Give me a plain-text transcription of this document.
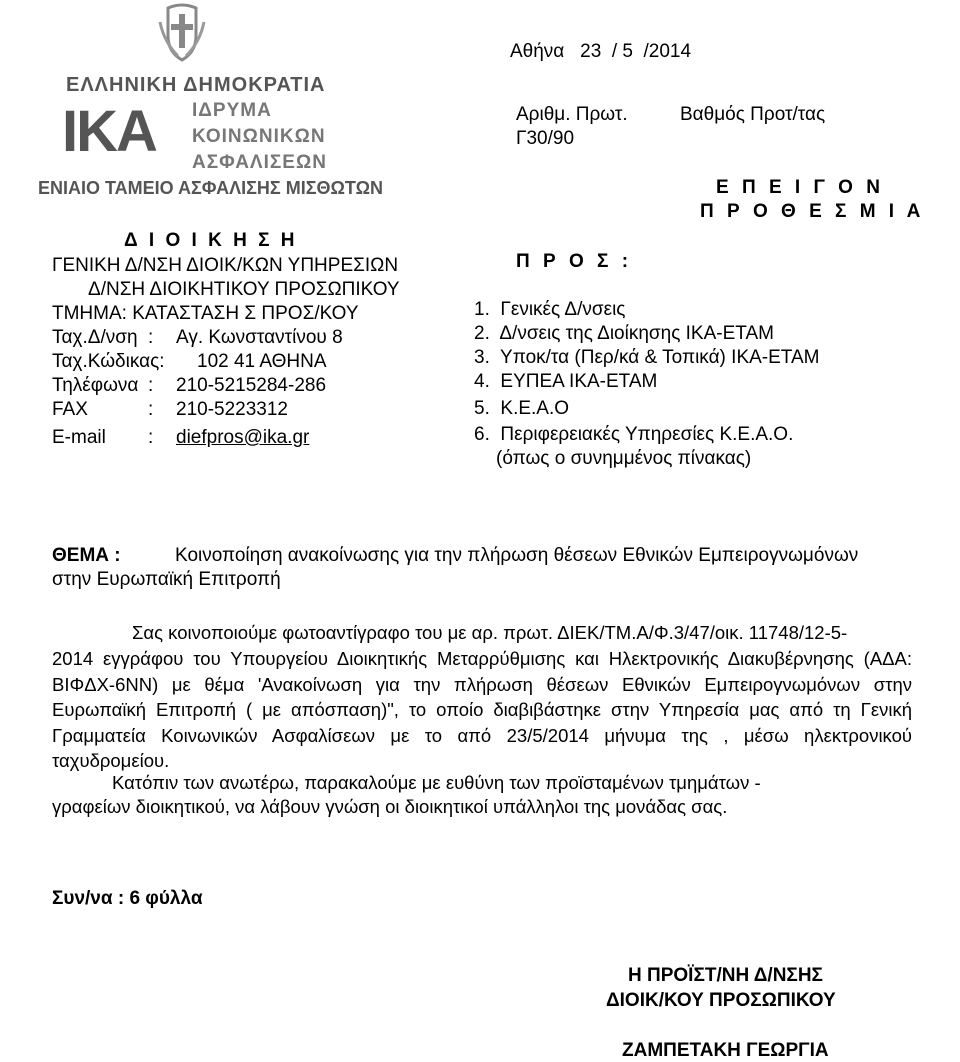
ΕΛΛΗΝΙΚΗ ΔΗΜΟΚΡΑΤΙΑ
ΙΚΑ ΙΔΡΥΜΑ
ΚΟΙΝΩΝΙΚΩΝ
ΑΣΦΑΛΙΣΕΩΝ
ΕΝΙΑΙΟ ΤΑΜΕΙΟ ΑΣΦΑΛΙΣΗΣ ΜΙΣΘΩΤΩΝ
Δ Ι Ο Ι Κ Η Σ Η
ΓΕΝΙΚΗ Δ/ΝΣΗ ΔΙΟΙΚ/ΚΩΝ ΥΠΗΡΕΣΙΩΝ
Δ/ΝΣΗ ΔΙΟΙΚΗΤΙΚΟΥ ΠΡΟΣΩΠΙΚΟΥ
ΤΜΗΜΑ: ΚΑΤΑΣΤΑΣΗ Σ ΠΡΟΣ/ΚΟΥ
Ταχ.Δ/νση : Αγ. Κωνσταντίνου 8
Ταχ.Κώδικας: 102 41 ΑΘΗΝΑ
Τηλέφωνα : 210-5215284-286
FAX	: 210-5223312
E-mail : diefpros@ika.gr
Αθήνα   23  / 5  /2014
Αριθμ. Πρωτ.
Γ30/90
Βαθμός Προτ/τας
Ε Π Ε Ι Γ Ο Ν
Π Ρ Ο Θ Ε Σ Μ Ι Α
Π Ρ Ο Σ :
1.  Γενικές Δ/νσεις
2.  Δ/νσεις της Διοίκησης ΙΚΑ-ΕΤΑΜ
3.  Υποκ/τα (Περ/κά & Τοπικά) ΙΚΑ-ΕΤΑΜ
4.  ΕΥΠΕΑ ΙΚΑ-ΕΤΑΜ
5.  Κ.Ε.Α.Ο
6.  Περιφερειακές Υπηρεσίες Κ.Ε.Α.Ο.
(όπως ο συνημμένος πίνακας)
ΘΕΜΑ :	Κοινοποίηση ανακοίνωσης για την πλήρωση θέσεων Εθνικών Εμπειρογνωμόνων
στην Ευρωπαϊκή Επιτροπή
Σας κοινοποιούμε φωτοαντίγραφο του με αρ. πρωτ. ΔΙΕΚ/ΤΜ.Α/Φ.3/47/οικ. 11748/12-5-
2014 εγγράφου του Υπουργείου Διοικητικής Μεταρρύθμισης και Ηλεκτρονικής Διακυβέρνησης (ΑΔΑ: ΒΙΦΔΧ-6ΝΝ) με θέμα 'Ανακοίνωση για την πλήρωση θέσεων Εθνικών Εμπειρογνωμόνων στην Ευρωπαϊκή Επιτροπή ( με απόσπαση)", το οποίο διαβιβάστηκε στην Υπηρεσία μας από τη Γενική Γραμματεία Κοινωνικών Ασφαλίσεων με το από 23/5/2014 μήνυμα της , μέσω ηλεκτρονικού ταχυδρομείου.
Κατόπιν των ανωτέρω, παρακαλούμε με ευθύνη των προϊσταμένων τμημάτων -
γραφείων διοικητικού, να λάβουν γνώση οι διοικητικοί υπάλληλοι της μονάδας σας.
Συν/να : 6 φύλλα
Η ΠΡΟΪΣΤ/ΝΗ Δ/ΝΣΗΣ
ΔΙΟΙΚ/ΚΟΥ ΠΡΟΣΩΠΙΚΟΥ
ΖΑΜΠΕΤΑΚΗ ΓΕΩΡΓΙΑ
